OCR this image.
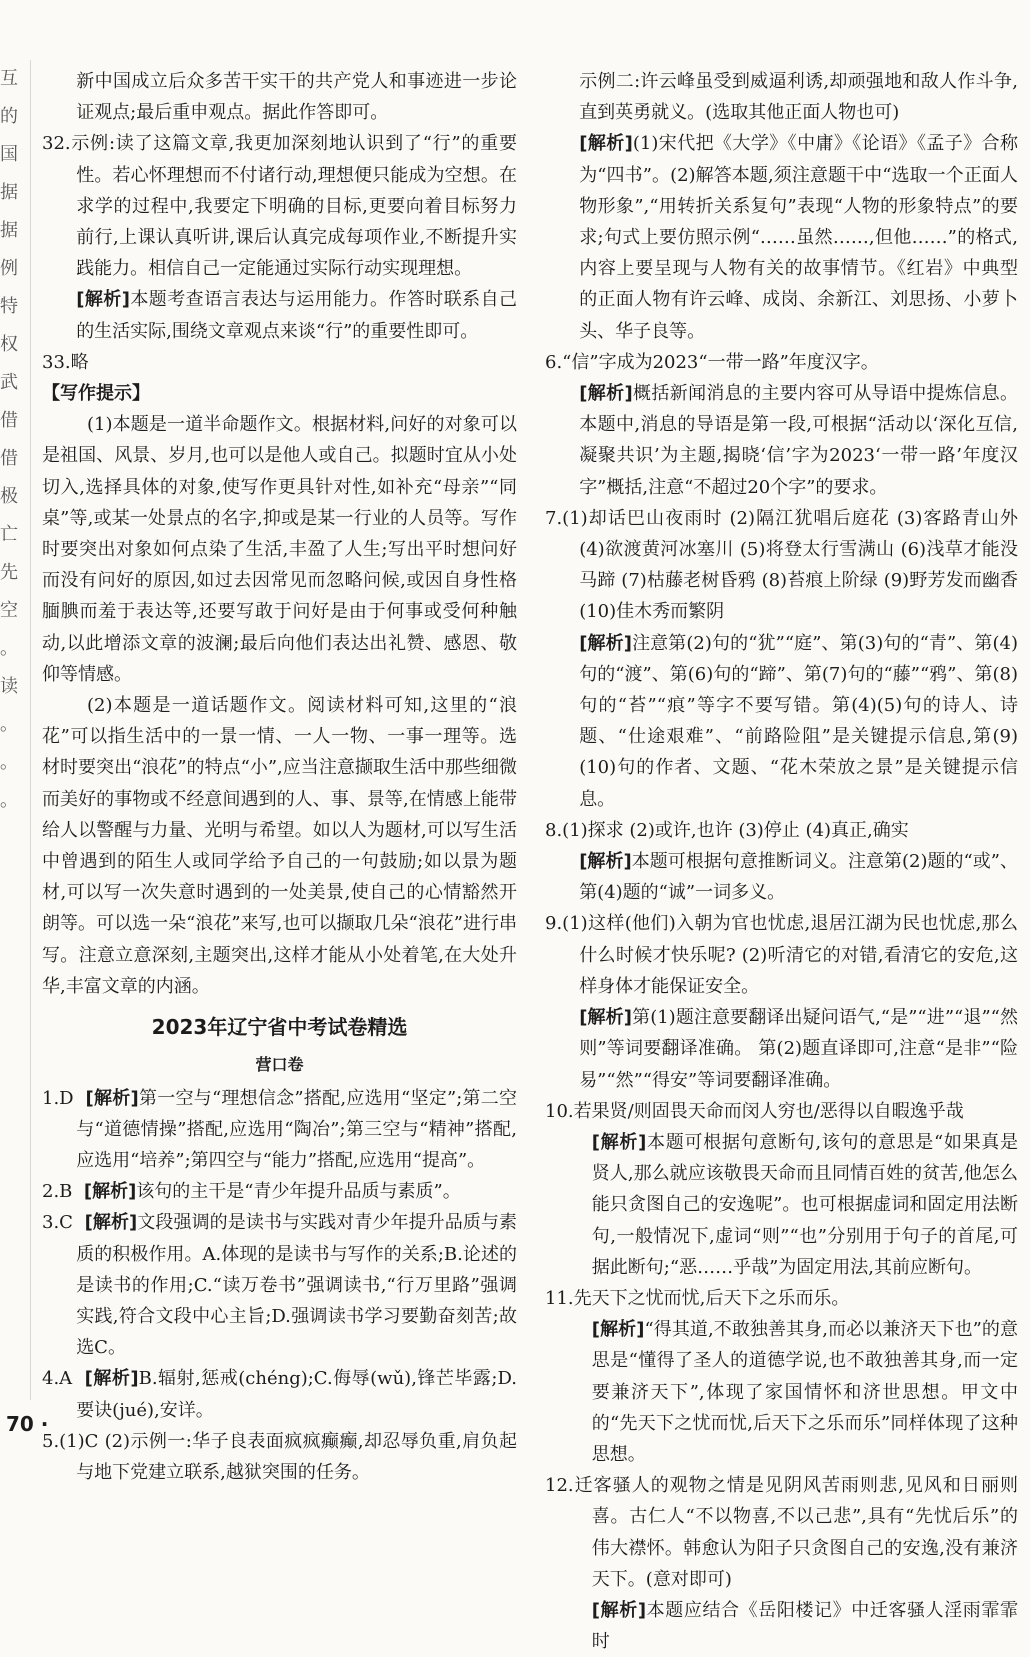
互
的
国
据
据
例
特
权
武
借
借
极
亡
先
空
。
读
。
。
。

新中国成立后众多苦干实干的共产党人和事迹进一步论证观点;最后重申观点。据此作答即可。

32.示例:读了这篇文章,我更加深刻地认识到了“行”的重要性。若心怀理想而不付诸行动,理想便只能成为空想。在求学的过程中,我要定下明确的目标,更要向着目标努力前行,上课认真听讲,课后认真完成每项作业,不断提升实践能力。相信自己一定能通过实际行动实现理想。

[解析]本题考查语言表达与运用能力。作答时联系自己的生活实际,围绕文章观点来谈“行”的重要性即可。

33.略

【写作提示】

(1)本题是一道半命题作文。根据材料,问好的对象可以是祖国、风景、岁月,也可以是他人或自己。拟题时宜从小处切入,选择具体的对象,使写作更具针对性,如补充“母亲”“同桌”等,或某一处景点的名字,抑或是某一行业的人员等。写作时要突出对象如何点染了生活,丰盈了人生;写出平时想问好而没有问好的原因,如过去因常见而忽略问候,或因自身性格腼腆而羞于表达等,还要写敢于问好是由于何事或受何种触动,以此增添文章的波澜;最后向他们表达出礼赞、感恩、敬仰等情感。

(2)本题是一道话题作文。阅读材料可知,这里的“浪花”可以指生活中的一景一情、一人一物、一事一理等。选材时要突出“浪花”的特点“小”,应当注意撷取生活中那些细微而美好的事物或不经意间遇到的人、事、景等,在情感上能带给人以警醒与力量、光明与希望。如以人为题材,可以写生活中曾遇到的陌生人或同学给予自己的一句鼓励;如以景为题材,可以写一次失意时遇到的一处美景,使自己的心情豁然开朗等。可以选一朵“浪花”来写,也可以撷取几朵“浪花”进行串写。注意立意深刻,主题突出,这样才能从小处着笔,在大处升华,丰富文章的内涵。

2023年辽宁省中考试卷精选
营口卷

1.D [解析]第一空与“理想信念”搭配,应选用“坚定”;第二空与“道德情操”搭配,应选用“陶冶”;第三空与“精神”搭配,应选用“培养”;第四空与“能力”搭配,应选用“提高”。

2.B [解析]该句的主干是“青少年提升品质与素质”。

3.C [解析]文段强调的是读书与实践对青少年提升品质与素质的积极作用。A.体现的是读书与写作的关系;B.论述的是读书的作用;C.“读万卷书”强调读书,“行万里路”强调实践,符合文段中心主旨;D.强调读书学习要勤奋刻苦;故选C。

4.A [解析]B.辐射,惩戒(chéng);C.侮辱(wǔ),锋芒毕露;D.要诀(jué),安详。

5.(1)C (2)示例一:华子良表面疯疯癫癫,却忍辱负重,肩负起与地下党建立联系,越狱突围的任务。

示例二:许云峰虽受到威逼利诱,却顽强地和敌人作斗争,直到英勇就义。(选取其他正面人物也可)

[解析](1)宋代把《大学》《中庸》《论语》《孟子》合称为“四书”。(2)解答本题,须注意题干中“选取一个正面人物形象”,“用转折关系复句”表现“人物的形象特点”的要求;句式上要仿照示例“……虽然……,但他……”的格式,内容上要呈现与人物有关的故事情节。《红岩》中典型的正面人物有许云峰、成岗、余新江、刘思扬、小萝卜头、华子良等。

6.“信”字成为2023“一带一路”年度汉字。

[解析]概括新闻消息的主要内容可从导语中提炼信息。本题中,消息的导语是第一段,可根据“活动以‘深化互信,凝聚共识’为主题,揭晓‘信’字为2023‘一带一路’年度汉字”概括,注意“不超过20个字”的要求。

7.(1)却话巴山夜雨时 (2)隔江犹唱后庭花 (3)客路青山外 (4)欲渡黄河冰塞川 (5)将登太行雪满山 (6)浅草才能没马蹄 (7)枯藤老树昏鸦 (8)苔痕上阶绿 (9)野芳发而幽香 (10)佳木秀而繁阴

[解析]注意第(2)句的“犹”“庭”、第(3)句的“青”、第(4)句的“渡”、第(6)句的“蹄”、第(7)句的“藤”“鸦”、第(8)句的“苔”“痕”等字不要写错。第(4)(5)句的诗人、诗题、“仕途艰难”、“前路险阻”是关键提示信息,第(9)(10)句的作者、文题、“花木荣放之景”是关键提示信息。

8.(1)探求 (2)或许,也许 (3)停止 (4)真正,确实

[解析]本题可根据句意推断词义。注意第(2)题的“或”、第(4)题的“诚”一词多义。

9.(1)这样(他们)入朝为官也忧虑,退居江湖为民也忧虑,那么什么时候才快乐呢? (2)听清它的对错,看清它的安危,这样身体才能保证安全。

[解析]第(1)题注意要翻译出疑问语气,“是”“进”“退”“然则”等词要翻译准确。 第(2)题直译即可,注意“是非”“险易”“然”“得安”等词要翻译准确。

10.若果贤/则固畏天命而闵人穷也/恶得以自暇逸乎哉

[解析]本题可根据句意断句,该句的意思是“如果真是贤人,那么就应该敬畏天命而且同情百姓的贫苦,他怎么能只贪图自己的安逸呢”。也可根据虚词和固定用法断句,一般情况下,虚词“则”“也”分别用于句子的首尾,可据此断句;“恶……乎哉”为固定用法,其前应断句。

11.先天下之忧而忧,后天下之乐而乐。

[解析]“得其道,不敢独善其身,而必以兼济天下也”的意思是“懂得了圣人的道德学说,也不敢独善其身,而一定要兼济天下”,体现了家国情怀和济世思想。甲文中的“先天下之忧而忧,后天下之乐而乐”同样体现了这种思想。

12.迁客骚人的观物之情是见阴风苦雨则悲,见风和日丽则喜。古仁人“不以物喜,不以己悲”,具有“先忧后乐”的伟大襟怀。韩愈认为阳子只贪图自己的安逸,没有兼济天下。(意对即可)

[解析]本题应结合《岳阳楼记》中迁客骚人淫雨霏霏时

70 ·
